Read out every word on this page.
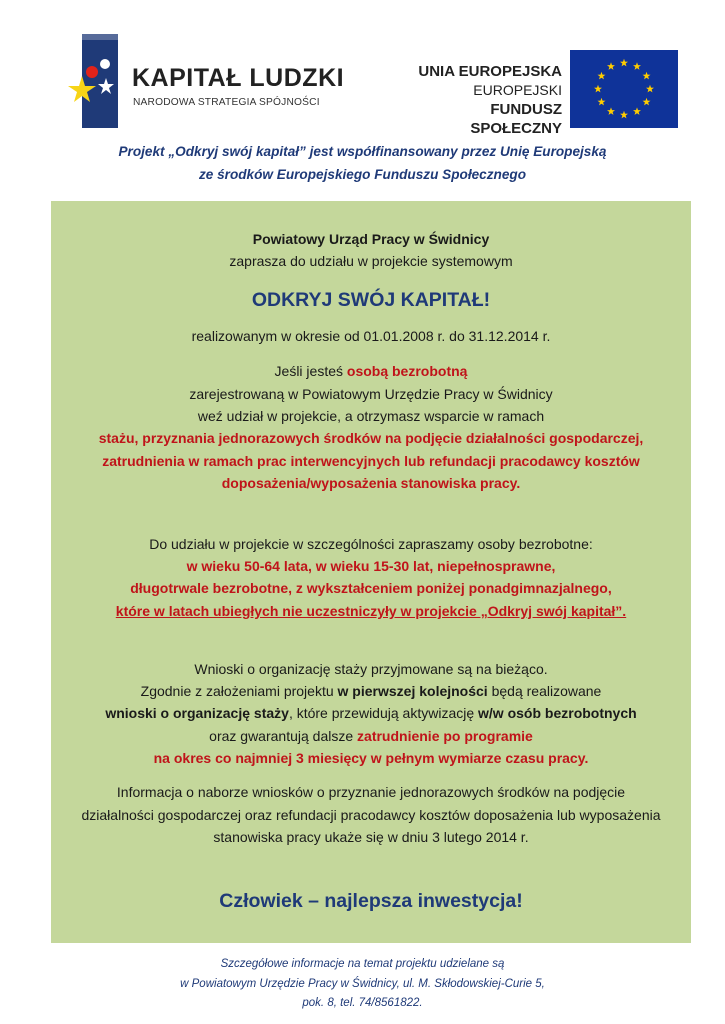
KAPITAŁ LUDZKI
NARODOWA STRATEGIA SPÓJNOŚCI
UNIA EUROPEJSKA
EUROPEJSKI
FUNDUSZ SPOŁECZNY
Projekt „Odkryj swój kapitał” jest współfinansowany przez Unię Europejską
ze środków Europejskiego Funduszu Społecznego
Powiatowy Urząd Pracy w Świdnicy
zaprasza do udziału w projekcie systemowym
ODKRYJ SWÓJ KAPITAŁ!
realizowanym w okresie od 01.01.2008 r. do 31.12.2014 r.
Jeśli jesteś osobą bezrobotną
zarejestrowaną w Powiatowym Urzędzie Pracy w Świdnicy
weź udział w projekcie, a otrzymasz wsparcie w ramach
stażu, przyznania jednorazowych środków na podjęcie działalności gospodarczej,
zatrudnienia w ramach prac interwencyjnych lub refundacji pracodawcy kosztów
doposażenia/wyposażenia stanowiska pracy.
Do udziału w projekcie w szczególności zapraszamy osoby bezrobotne:
w wieku 50-64 lata, w wieku 15-30 lat, niepełnosprawne,
długotrwale bezrobotne, z wykształceniem poniżej ponadgimnazjalnego,
które w latach ubiegłych nie uczestniczyły w projekcie „Odkryj swój kapitał”.
Wnioski o organizację staży przyjmowane są na bieżąco.
Zgodnie z założeniami projektu w pierwszej kolejności będą realizowane
wnioski o organizację staży, które przewidują aktywizację w/w osób bezrobotnych
oraz gwarantują dalsze zatrudnienie po programie
na okres co najmniej 3 miesięcy w pełnym wymiarze czasu pracy.
Informacja o naborze wniosków o przyznanie jednorazowych środków na podjęcie
działalności gospodarczej oraz refundacji pracodawcy kosztów doposażenia lub wyposażenia
stanowiska pracy ukaże się w dniu 3 lutego 2014 r.
Człowiek – najlepsza inwestycja!
Szczegółowe informacje na temat projektu udzielane są
w Powiatowym Urzędzie Pracy w Świdnicy, ul. M. Skłodowskiej-Curie 5,
pok. 8, tel. 74/8561822.
